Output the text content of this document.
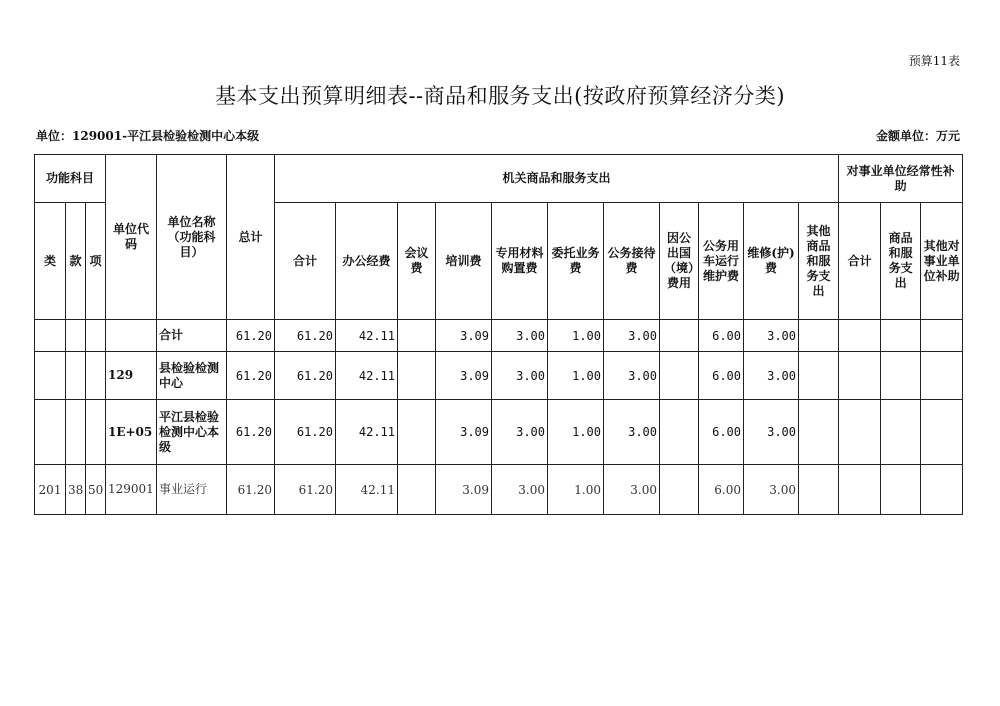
预算11表
基本支出预算明细表--商品和服务支出(按政府预算经济分类)
单位：129001-平江县检验检测中心本级	金额单位：万元
功能科目			单位代码	单位名称（功能科目）	总计	机关商品和服务支出											对事业单位经常性补助		
类	款	项				合计	办公经费	会议费	培训费	专用材料购置费	委托业务费	公务接待费	因公出国（境）费用	公务用车运行维护费	维修(护)费	其他商品和服务支出	合计	商品和服务支出	其他对事业单位补助
				合计	61.20	61.20	42.11		3.09	3.00	1.00	3.00		6.00	3.00				
			129	县检验检测中心	61.20	61.20	42.11		3.09	3.00	1.00	3.00		6.00	3.00				
			1E+05	平江县检验检测中心本级	61.20	61.20	42.11		3.09	3.00	1.00	3.00		6.00	3.00				
201	38	50	129001	事业运行	61.20	61.20	42.11		3.09	3.00	1.00	3.00		6.00	3.00				
